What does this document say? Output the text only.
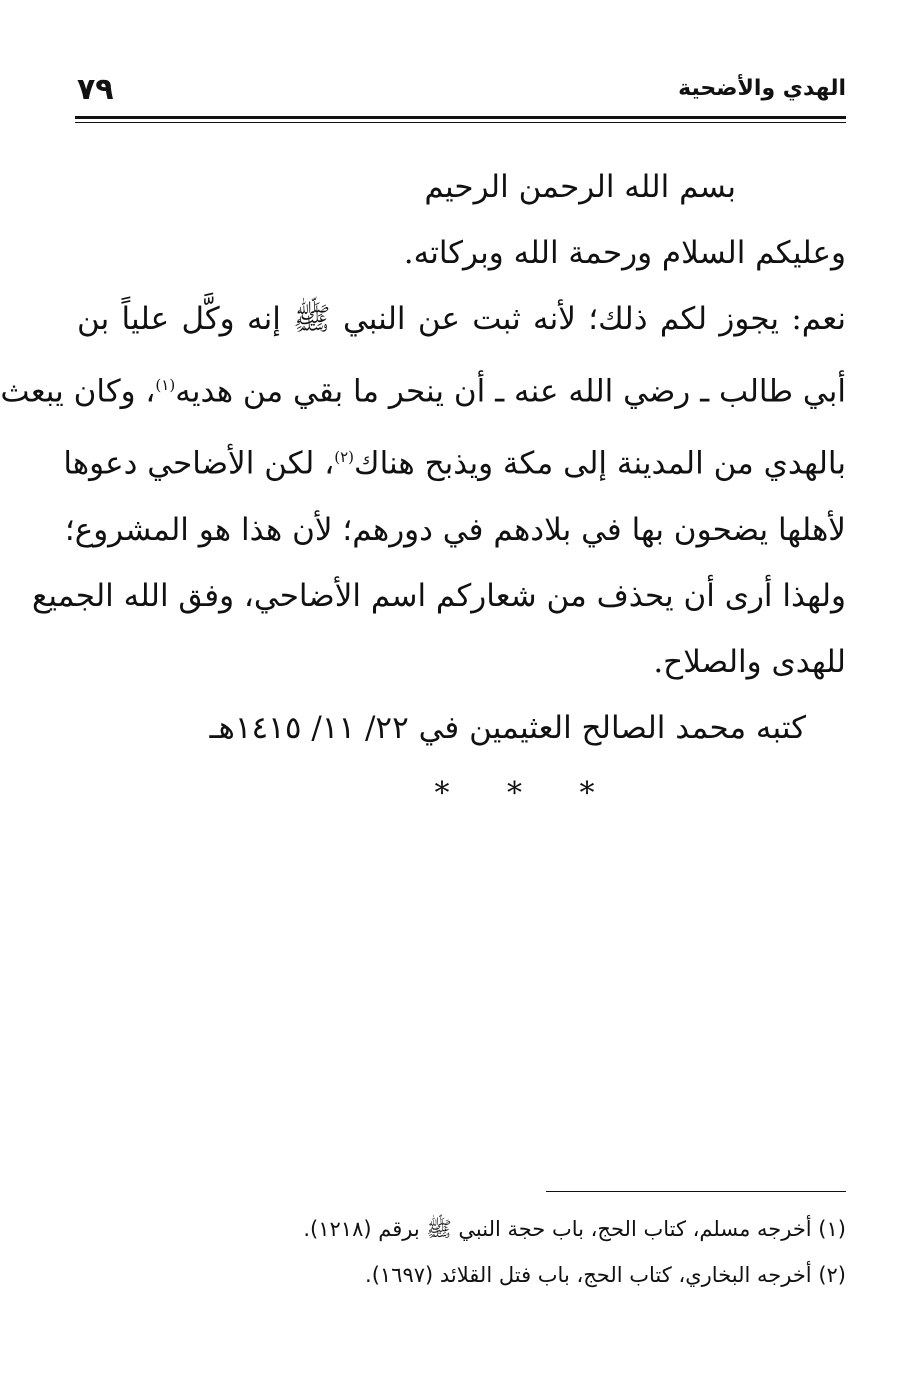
الهدي والأضحية
٧٩
بسم الله الرحمن الرحيم
وعليكم السلام ورحمة الله وبركاته.
نعم: يجوز لكم ذلك؛ لأنه ثبت عن النبي ﷺ إنه وكَّل علياً بن
أبي طالب ـ رضي الله عنه ـ أن ينحر ما بقي من هديه$^{(١)}$، وكان يبعث
بالهدي من المدينة إلى مكة ويذبح هناك$^{(٢)}$، لكن الأضاحي دعوها
لأهلها يضحون بها في بلادهم في دورهم؛ لأن هذا هو المشروع؛
ولهذا أرى أن يحذف من شعاركم اسم الأضاحي، وفق الله الجميع
للهدى والصلاح.
كتبه محمد الصالح العثيمين في ٢٢/ ١١/ ١٤١٥هـ
* * *
(١) أخرجه مسلم، كتاب الحج، باب حجة النبي ﷺ برقم (١٢١٨).
(٢) أخرجه البخاري، كتاب الحج، باب فتل القلائد (١٦٩٧).
